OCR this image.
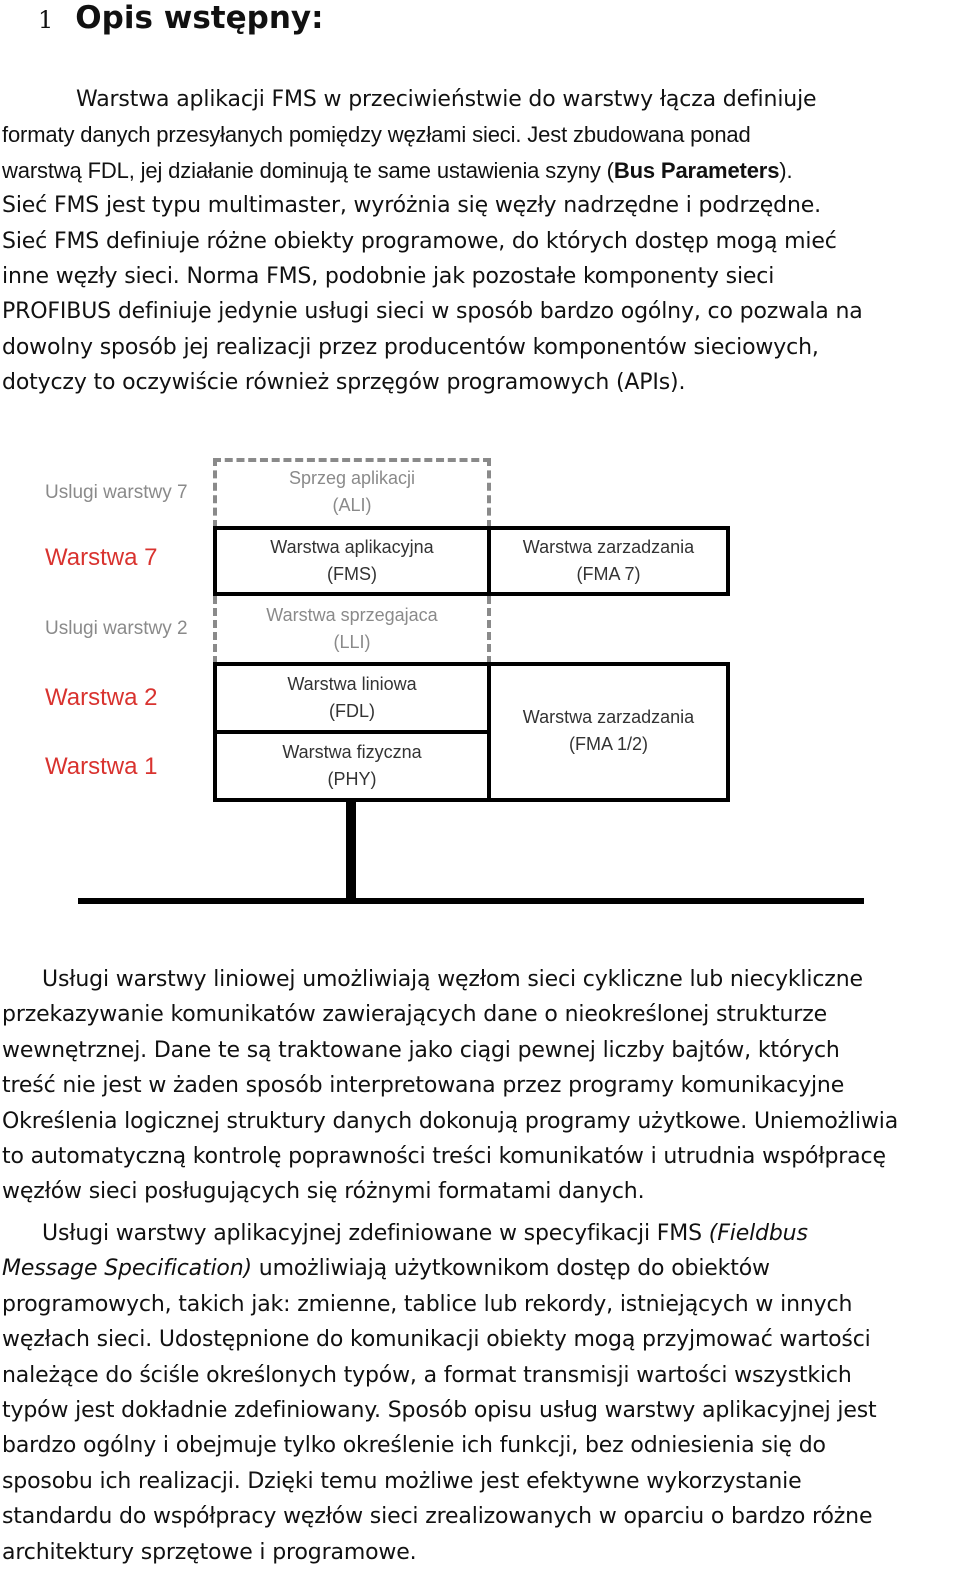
1 Opis wstępny:

Warstwa aplikacji FMS w przeciwieństwie do warstwy łącza definiuje
formaty danych przesyłanych pomiędzy węzłami sieci. Jest zbudowana ponad
warstwą FDL, jej działanie dominują te same ustawienia szyny (Bus Parameters).
Sieć FMS jest typu multimaster, wyróżnia się węzły nadrzędne i podrzędne.
Sieć FMS definiuje różne obiekty programowe, do których dostęp mogą mieć
inne węzły sieci. Norma FMS, podobnie jak pozostałe komponenty sieci
PROFIBUS definiuje jedynie usługi sieci w sposób bardzo ogólny, co pozwala na
dowolny sposób jej realizacji przez producentów komponentów sieciowych,
dotyczy to oczywiście również sprzęgów programowych (APIs).

Uslugi warstwy 7
Warstwa 7
Uslugi warstwy 2
Warstwa 2
Warstwa 1
Sprzeg aplikacji
(ALI)
Warstwa aplikacyjna
(FMS)
Warstwa zarzadzania
(FMA 7)
Warstwa sprzegajaca
(LLI)
Warstwa liniowa
(FDL)
Warstwa fizyczna
(PHY)
Warstwa zarzadzania
(FMA 1/2)

Usługi warstwy liniowej umożliwiają węzłom sieci cykliczne lub niecykliczne
przekazywanie komunikatów zawierających dane o nieokreślonej strukturze
wewnętrznej. Dane te są traktowane jako ciągi pewnej liczby bajtów, których
treść nie jest w żaden sposób interpretowana przez programy komunikacyjne
Określenia logicznej struktury danych dokonują programy użytkowe. Uniemożliwia
to automatyczną kontrolę poprawności treści komunikatów i utrudnia współpracę
węzłów sieci posługujących się różnymi formatami danych.

Usługi warstwy aplikacyjnej zdefiniowane w specyfikacji FMS (Fieldbus
Message Specification) umożliwiają użytkownikom dostęp do obiektów
programowych, takich jak: zmienne, tablice lub rekordy, istniejących w innych
węzłach sieci. Udostępnione do komunikacji obiekty mogą przyjmować wartości
należące do ściśle określonych typów, a format transmisji wartości wszystkich
typów jest dokładnie zdefiniowany. Sposób opisu usług warstwy aplikacyjnej jest
bardzo ogólny i obejmuje tylko określenie ich funkcji, bez odniesienia się do
sposobu ich realizacji. Dzięki temu możliwe jest efektywne wykorzystanie
standardu do współpracy węzłów sieci zrealizowanych w oparciu o bardzo różne
architektury sprzętowe i programowe.
